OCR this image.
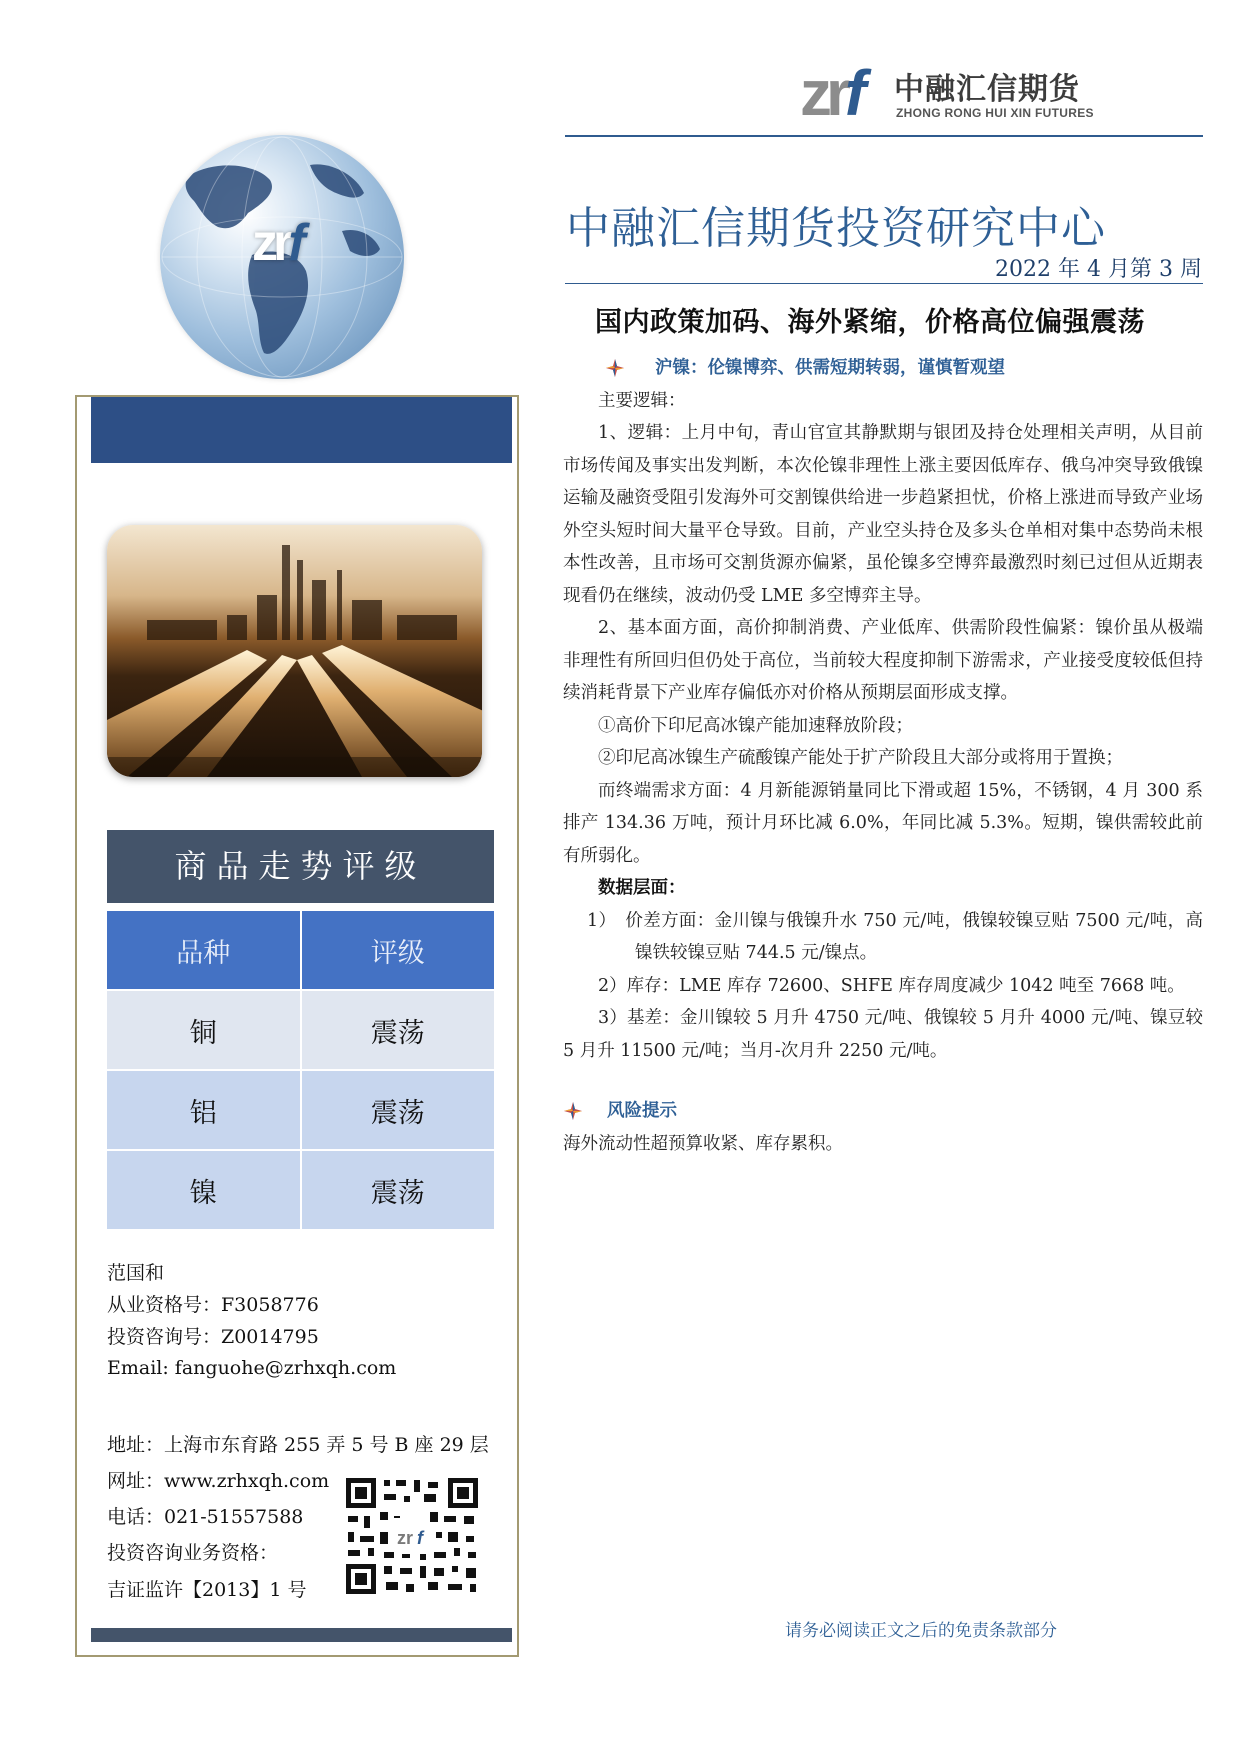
zrf 中融汇信期货
ZHONG RONG HUI XIN FUTURES
中融汇信期货投资研究中心
2022 年 4 月第 3 周
国内政策加码、海外紧缩，价格高位偏强震荡
zrf
商品走势评级
品种	评级
铜	震荡
铝	震荡
镍	震荡
范国和
从业资格号：F3058776
投资咨询号：Z0014795
Email: fanguohe@zrhxqh.com
地址：上海市东育路 255 弄 5 号 B 座 29 层
网址：www.zrhxqh.com
电话：021-51557588
投资咨询业务资格：
吉证监许【2013】1 号
zr f

沪镍：伦镍博弈、供需短期转弱，谨慎暂观望

主要逻辑：

1、逻辑：上月中旬，青山官宣其静默期与银团及持仓处理相关声明，从目前市场传闻及事实出发判断，本次伦镍非理性上涨主要因低库存、俄乌冲突导致俄镍运输及融资受阻引发海外可交割镍供给进一步趋紧担忧，价格上涨进而导致产业场外空头短时间大量平仓导致。目前，产业空头持仓及多头仓单相对集中态势尚未根本性改善，且市场可交割货源亦偏紧，虽伦镍多空博弈最激烈时刻已过但从近期表现看仍在继续，波动仍受 LME 多空博弈主导。

2、基本面方面，高价抑制消费、产业低库、供需阶段性偏紧：镍价虽从极端非理性有所回归但仍处于高位，当前较大程度抑制下游需求，产业接受度较低但持续消耗背景下产业库存偏低亦对价格从预期层面形成支撑。

①高价下印尼高冰镍产能加速释放阶段；

②印尼高冰镍生产硫酸镍产能处于扩产阶段且大部分或将用于置换；

而终端需求方面：4 月新能源销量同比下滑或超 15%，不锈钢，4 月 300 系排产 134.36 万吨，预计月环比减 6.0%，年同比减 5.3%。短期，镍供需较此前有所弱化。

数据层面：

1）　价差方面：金川镍与俄镍升水 750 元/吨，俄镍较镍豆贴 7500 元/吨，高镍铁较镍豆贴 744.5 元/镍点。

2）库存：LME 库存 72600、SHFE 库存周度减少 1042 吨至 7668 吨。

3）基差：金川镍较 5 月升 4750 元/吨、俄镍较 5 月升 4000 元/吨、镍豆较 5 月升 11500 元/吨；当月-次月升 2250 元/吨。

风险提示

海外流动性超预算收紧、库存累积。

请务必阅读正文之后的免责条款部分
